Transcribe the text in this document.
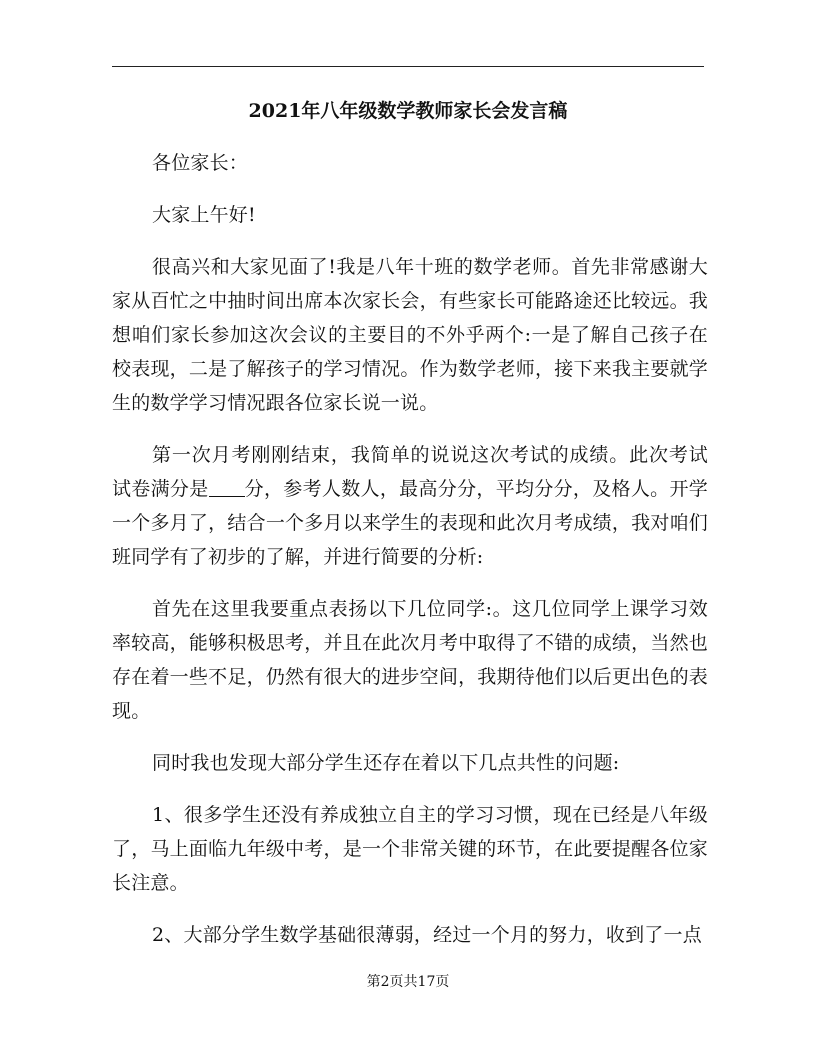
2021年八年级数学教师家长会发言稿

各位家长：

大家上午好!

很高兴和大家见面了!我是八年十班的数学老师。首先非常感谢大家从百忙之中抽时间出席本次家长会，有些家长可能路途还比较远。我想咱们家长参加这次会议的主要目的不外乎两个:一是了解自己孩子在校表现，二是了解孩子的学习情况。作为数学老师，接下来我主要就学生的数学学习情况跟各位家长说一说。

第一次月考刚刚结束，我简单的说说这次考试的成绩。此次考试试卷满分是 分，参考人数人，最高分分，平均分分，及格人。开学一个多月了，结合一个多月以来学生的表现和此次月考成绩，我对咱们班同学有了初步的了解，并进行简要的分析:

首先在这里我要重点表扬以下几位同学:。这几位同学上课学习效率较高，能够积极思考，并且在此次月考中取得了不错的成绩，当然也存在着一些不足，仍然有很大的进步空间，我期待他们以后更出色的表现。

同时我也发现大部分学生还存在着以下几点共性的问题:

1、很多学生还没有养成独立自主的学习习惯，现在已经是八年级了，马上面临九年级中考，是一个非常关键的环节，在此要提醒各位家长注意。

2、大部分学生数学基础很薄弱，经过一个月的努力，收到了一点

第2页共17页
